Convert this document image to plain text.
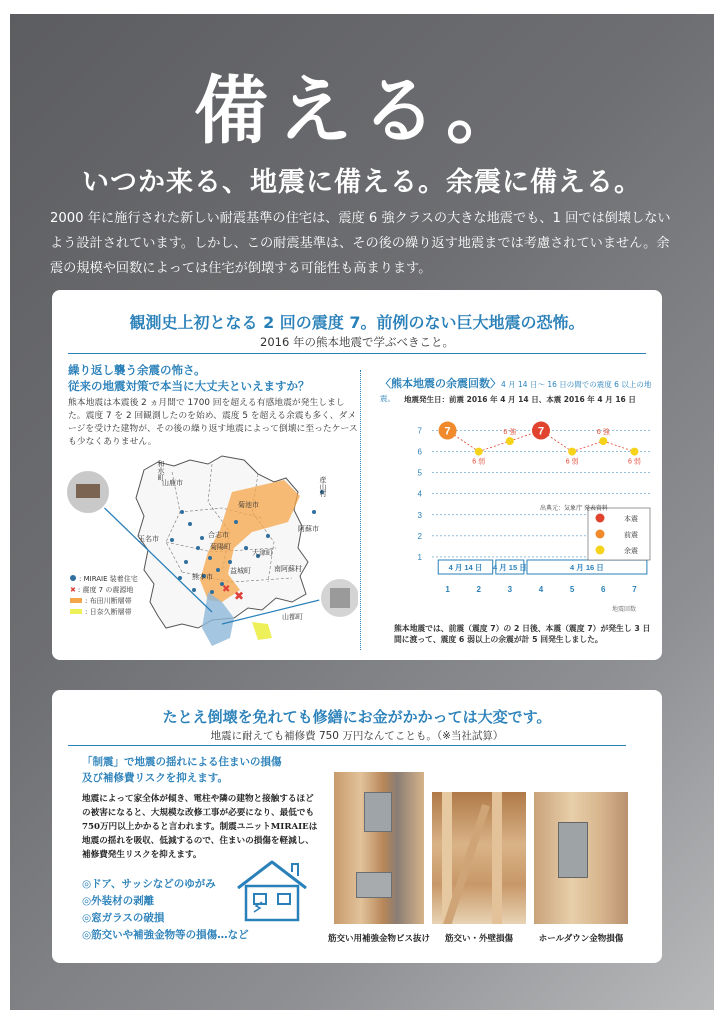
備える。
いつか来る、地震に備える。余震に備える。
2000 年に施行された新しい耐震基準の住宅は、震度 6 強クラスの大きな地震でも、1 回では倒壊しないよう設計されています。しかし、この耐震基準は、その後の繰り返す地震までは考慮されていません。余震の規模や回数によっては住宅が倒壊する可能性も高まります。
観測史上初となる 2 回の震度 7。前例のない巨大地震の恐怖。
2016 年の熊本地震で学ぶべきこと。
繰り返し襲う余震の怖さ。
従来の地震対策で本当に大丈夫といえますか？
熊本地震は本震後 2 ヵ月間で 1700 回を超える有感地震が発生しました。震度 7 を 2 回観測したのを始め、震度 5 を超える余震も多く、ダメージを受けた建物が、その後の繰り返す地震によって倒壊に至ったケースも少なくありません。
✖
✖
山鹿市
和水町
玉名市
菊池市
阿蘇市
大津町
南阿蘇村
熊本市
山都町
菊陽町
合志市
産山村
益城町
: MIRAIE 装着住宅
✖ : 震度 7 の震源地
: 布田川断層帯
: 日奈久断層帯
〈熊本地震の余震回数〉4 月 14 日～ 16 日の間での震度 6 以上の地震。	地震発生日：前震 2016 年 4 月 14 日、本震 2016 年 4 月 16 日
1
2
3
4
5
6
7
4 月 14 日 4 月 15 日	4 月 16 日
1	2	3	4	5	6	7
7
6 弱
6 強 7
6 弱
6 強
6 弱
本震
前震
余震
出典元：気象庁 発表資料
地震回数
熊本地震では、前震（震度 7）の 2 日後、本震（震度 7）が発生し 3 日間に渡って、震度 6 弱以上の余震が計 5 回発生しました。
たとえ倒壊を免れても修繕にお金がかかっては大変です。
地震に耐えても補修費 750 万円なんてことも。（※当社試算）
「制震」で地震の揺れによる住まいの損傷
及び補修費リスクを抑えます。
地震によって家全体が傾き、電柱や隣の建物と接触するほどの被害になると、大規模な改修工事が必要になり、最低でも750万円以上かかると言われます。制震ユニットMIRAIEは地震の揺れを吸収、低減するので、住まいの損傷を軽減し、補修費発生リスクを抑えます。
◎ドア、サッシなどのゆがみ
◎外装材の剥離
◎窓ガラスの破損
◎筋交いや補強金物等の損傷…など	筋交い用補強金物ビス抜け	筋交い・外壁損傷	ホールダウン金物損傷
